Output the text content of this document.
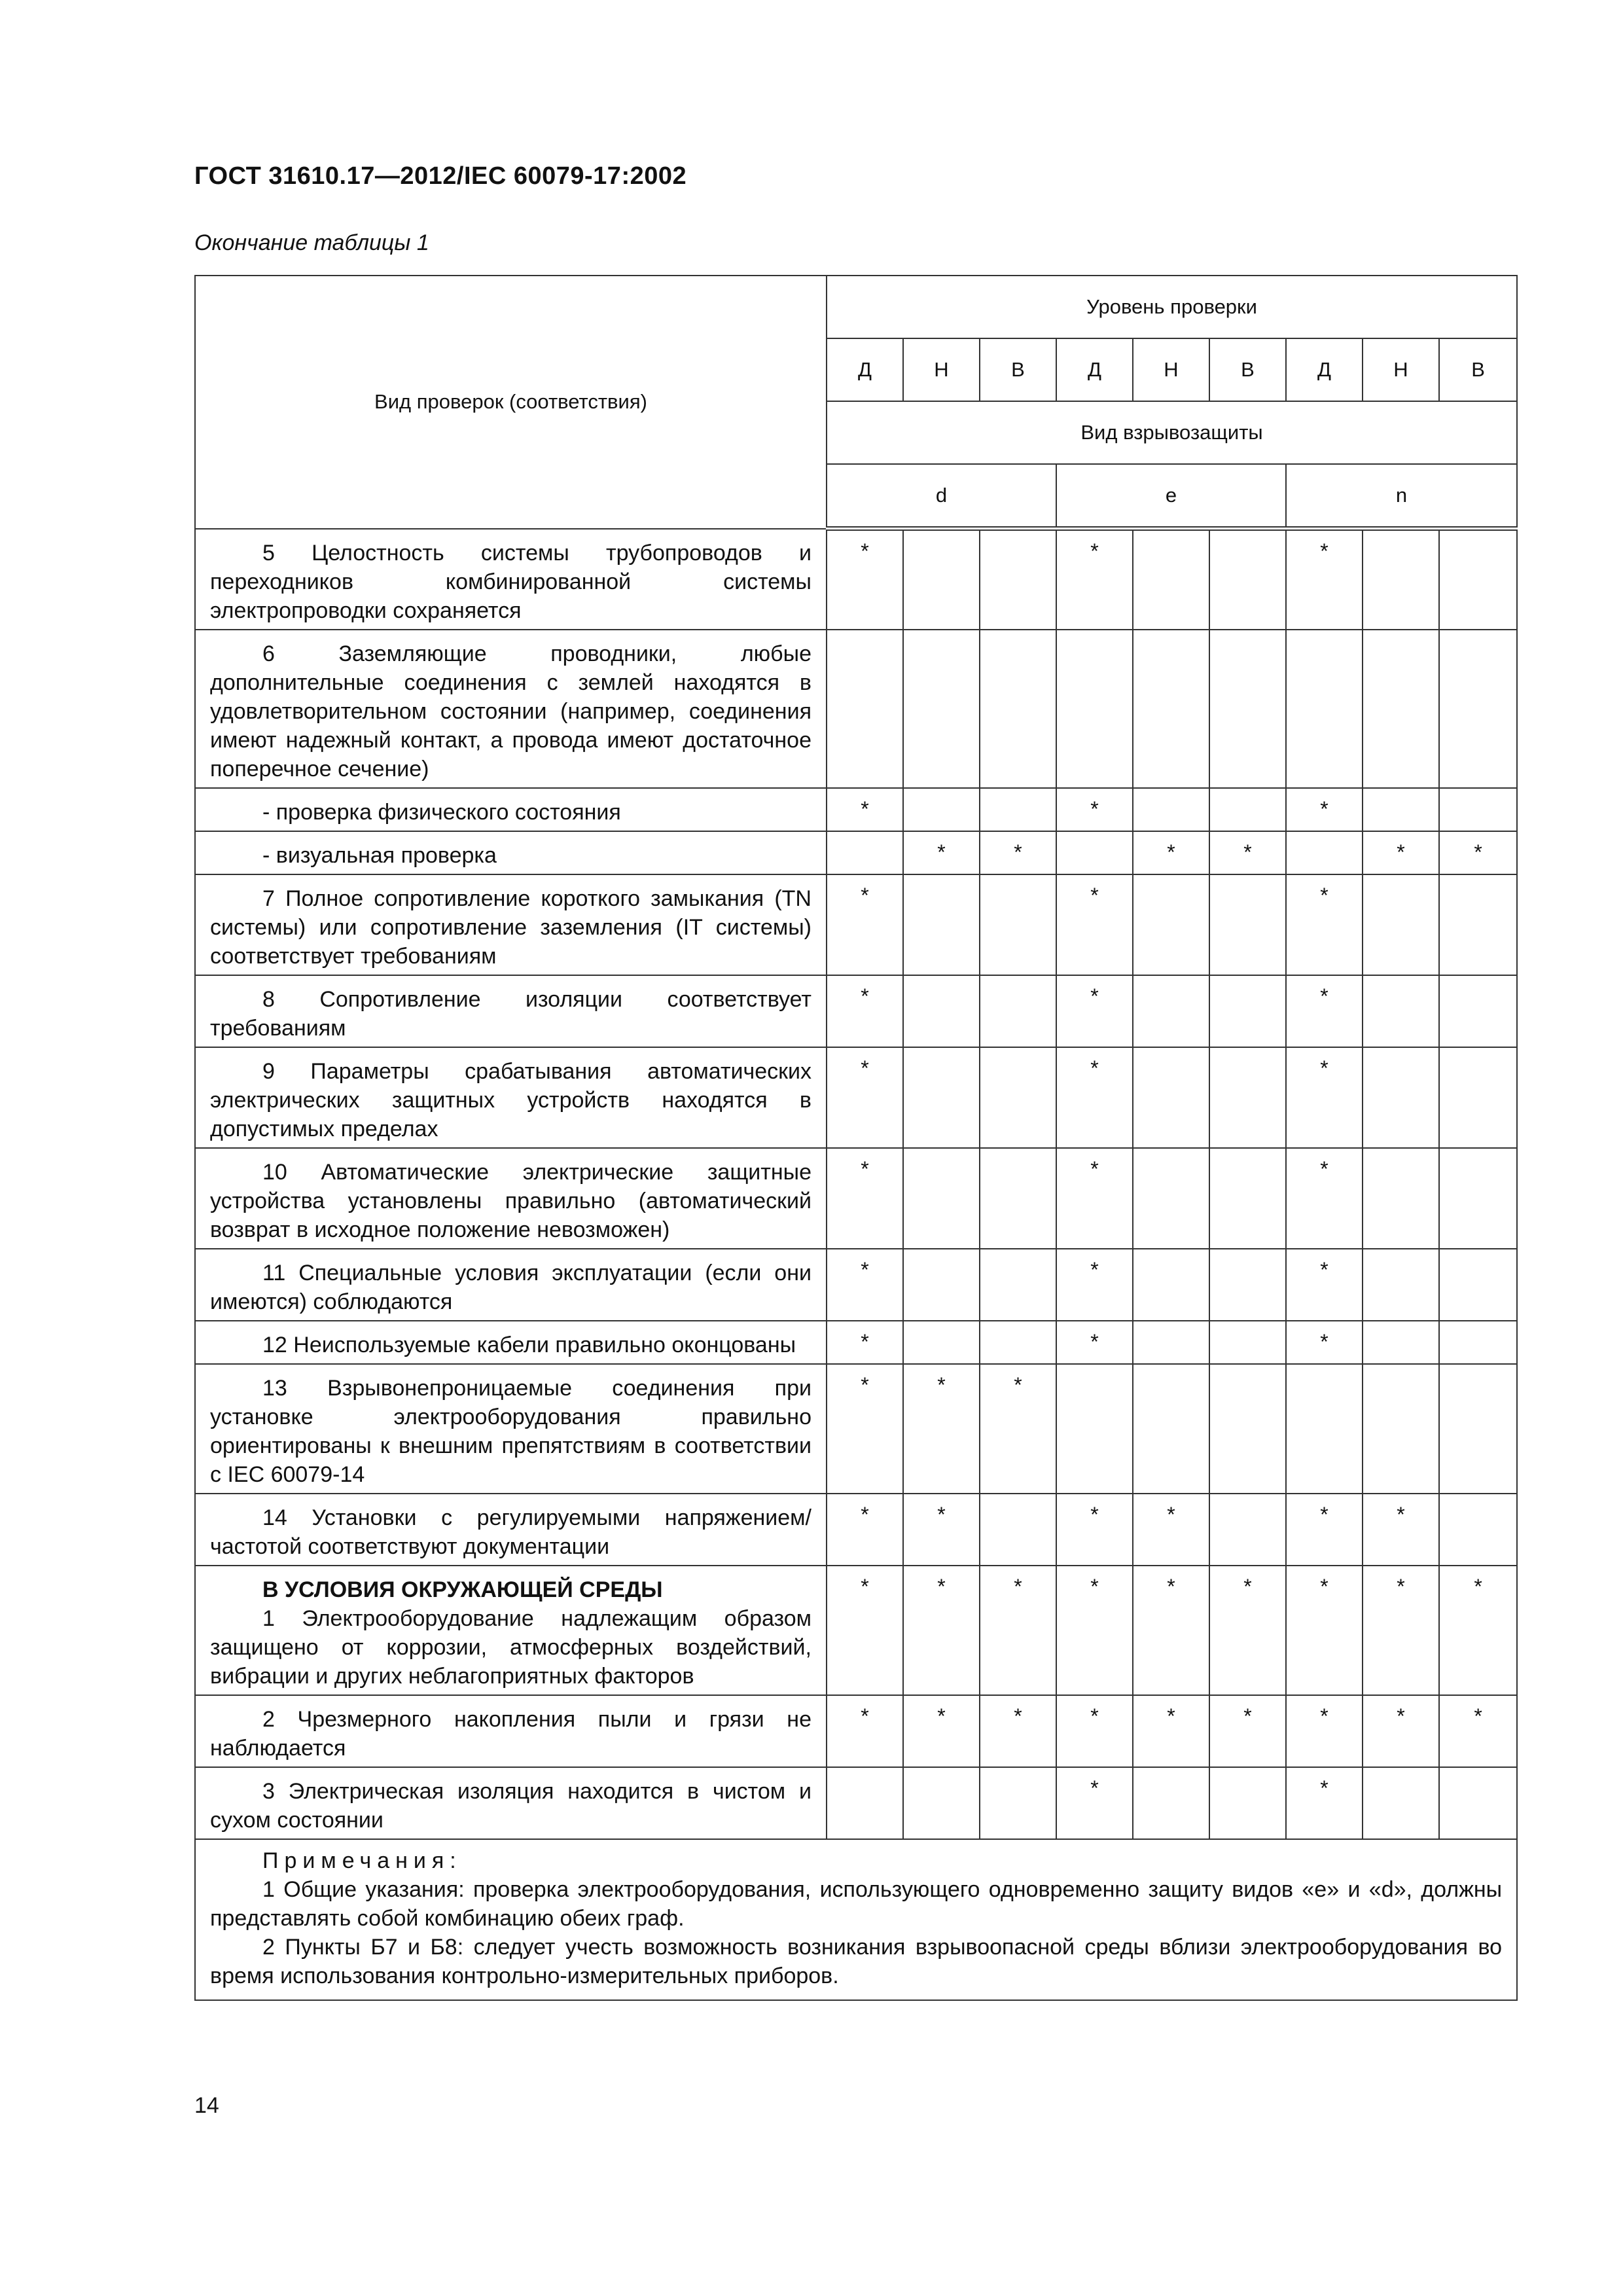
ГОСТ 31610.17—2012/IEC 60079-17:2002
Окончание таблицы 1
Вид проверок (соответствия)	Уровень проверки								
	Д	Н	В	Д	Н	В	Д	Н	В
	Вид взрывозащиты								
	d			e			n		

5 Целостность системы трубопроводов и переходников комбинированной системы электропроводки сохраняется	*			*			*		

6 Заземляющие проводники, любые дополнительные соединения с землей находятся в удовлетворительном состоянии (например, соединения имеют надежный контакт, а провода имеют достаточное поперечное сечение)									

- проверка физического состояния	*			*			*		

- визуальная проверка		*	*		*	*		*	*

7 Полное сопротивление короткого замыкания (TN системы) или сопротивление заземления (IT системы) соответствует требованиям	*			*			*		

8 Сопротивление изоляции соответствует требованиям	*			*			*		

9 Параметры срабатывания автоматических электрических защитных устройств находятся в допустимых пределах	*			*			*		

10 Автоматические электрические защитные устройства установлены правильно (автоматический возврат в исходное положение невозможен)	*			*			*		

11 Специальные условия эксплуатации (если они имеются) соблюдаются	*			*			*		

12 Неиспользуемые кабели правильно оконцованы	*			*			*		

13 Взрывонепроницаемые соединения при установке электрооборудования правильно ориентированы к внешним препятствиям в соответствии с IEC 60079-14	*	*	*						

14 Установки с регулируемыми напряжением/частотой соответствуют документации	*	*		*	*		*	*	

В УСЛОВИЯ ОКРУЖАЮЩЕЙ СРЕДЫ
1 Электрооборудование надлежащим образом защищено от коррозии, атмосферных воздействий, вибрации и других неблагоприятных факторов	*	*	*	*	*	*	*	*	*

2 Чрезмерного накопления пыли и грязи не наблюдается	*	*	*	*	*	*	*	*	*

3 Электрическая изоляция находится в чистом и сухом состоянии				*			*		

Примечания:

1 Общие указания: проверка электрооборудования, использующего одновременно защиту видов «е» и «d», должны представлять собой комбинацию обеих граф.

2 Пункты Б7 и Б8: следует учесть возможность возникания взрывоопасной среды вблизи электрооборудования во время использования контрольно-измерительных приборов.									

14
